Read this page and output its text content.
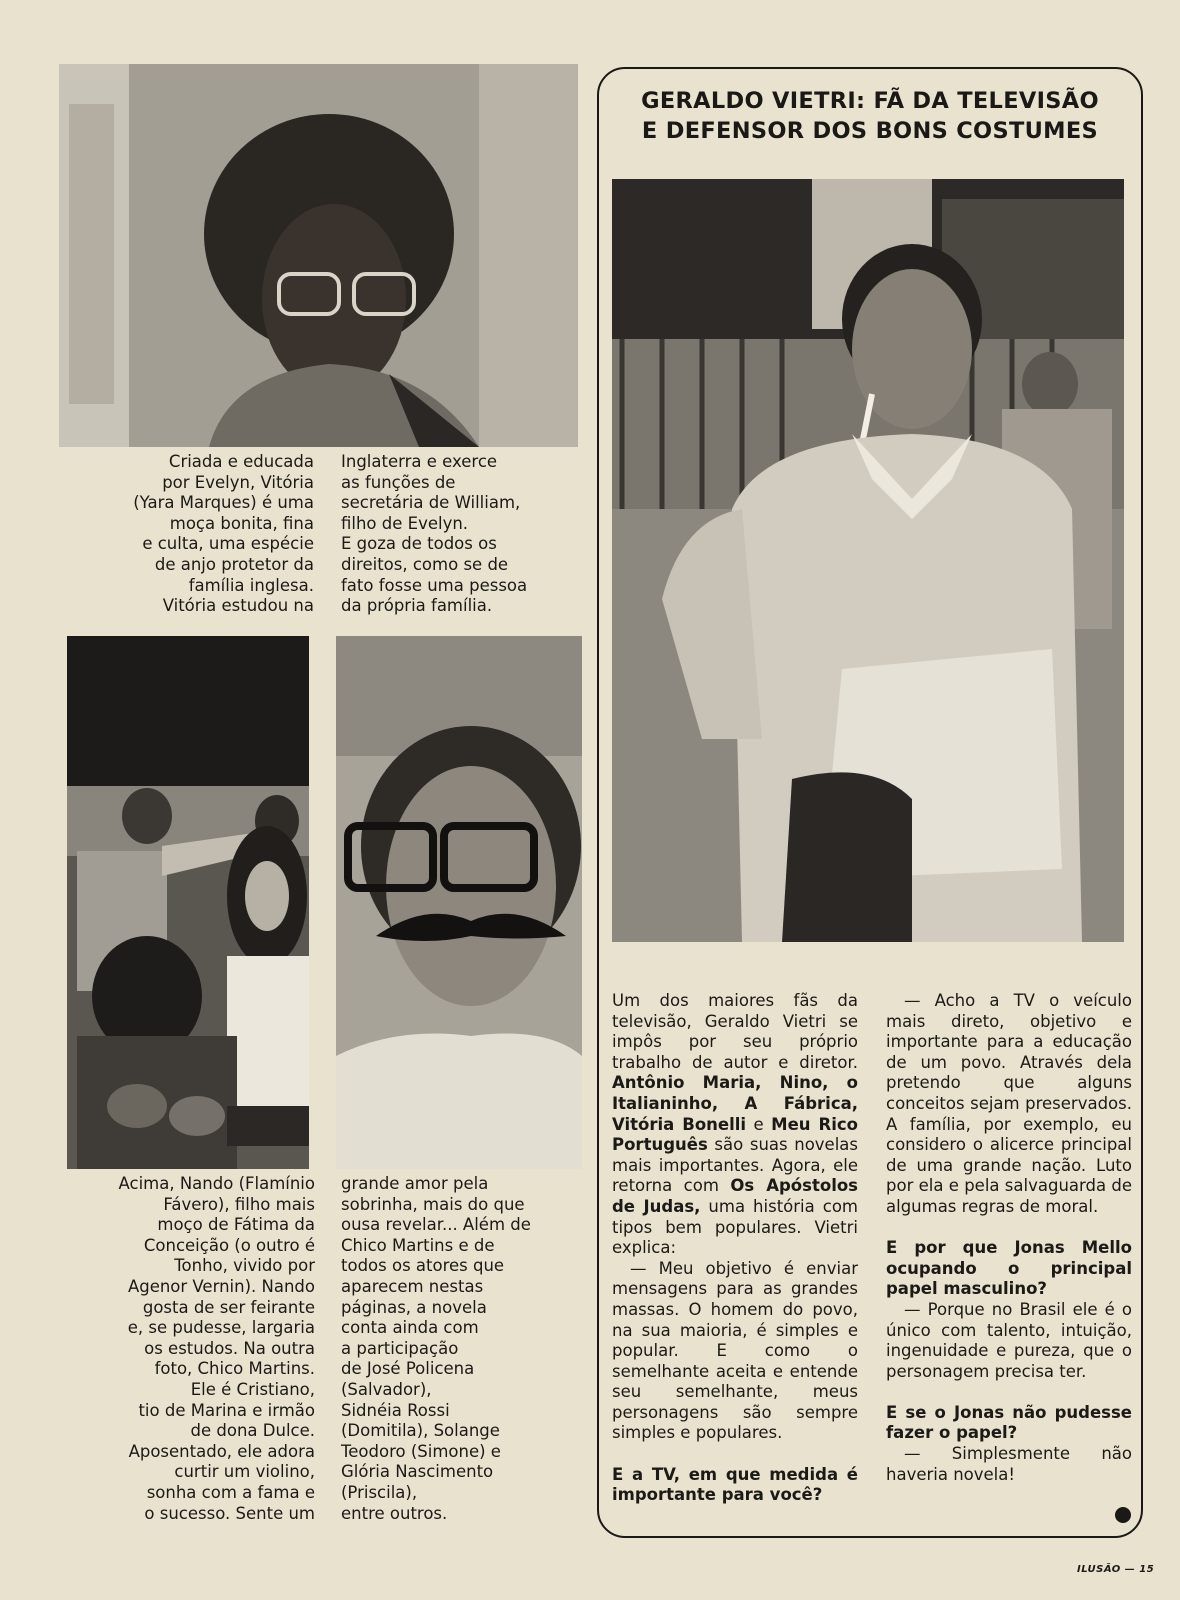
Criada e educada

por Evelyn, Vitória

(Yara Marques) é uma

moça bonita, fina

e culta, uma espécie

de anjo protetor da

família inglesa.

Vitória estudou na

Inglaterra e exerce

as funções de

secretária de William,

filho de Evelyn.

E goza de todos os

direitos, como se de

fato fosse uma pessoa

da própria família.

Acima, Nando (Flamínio

Fávero), filho mais

moço de Fátima da

Conceição (o outro é

Tonho, vivido por

Agenor Vernin). Nando

gosta de ser feirante

e, se pudesse, largaria

os estudos. Na outra

foto, Chico Martins.

Ele é Cristiano,

tio de Marina e irmão

de dona Dulce.

Aposentado, ele adora

curtir um violino,

sonha com a fama e

o sucesso. Sente um

grande amor pela

sobrinha, mais do que

ousa revelar... Além de

Chico Martins e de

todos os atores que

aparecem nestas

páginas, a novela

conta ainda com

a participação

de José Policena

(Salvador),

Sidnéia Rossi

(Domitila), Solange

Teodoro (Simone) e

Glória Nascimento

(Priscila),

entre outros.

GERALDO VIETRI: FÃ DA TELEVISÃO
E DEFENSOR DOS BONS COSTUMES

Um dos maiores fãs da televisão, Geraldo Vietri se impôs por seu próprio trabalho de autor e diretor. Antônio Maria, Nino, o Italianinho, A Fábrica, Vitória Bonelli e Meu Rico Português são suas novelas mais importantes. Agora, ele retorna com Os Apóstolos de Judas, uma história com tipos bem populares. Vietri explica:

— Meu objetivo é enviar mensagens para as grandes massas. O homem do povo, na sua maioria, é simples e popular. E como o semelhante aceita e entende seu semelhante, meus personagens são sempre simples e populares.

E a TV, em que medida é importante para você?

— Acho a TV o veículo mais direto, objetivo e importante para a educação de um povo. Através dela pretendo que alguns conceitos sejam preservados. A família, por exemplo, eu considero o alicerce principal de uma grande nação. Luto por ela e pela salvaguarda de algumas regras de moral.

E por que Jonas Mello ocupando o principal papel masculino?

— Porque no Brasil ele é o único com talento, intuição, ingenuidade e pureza, que o personagem precisa ter.

E se o Jonas não pudesse fazer o papel?

— Simplesmente não haveria novela!

ILUSÃO — 15
